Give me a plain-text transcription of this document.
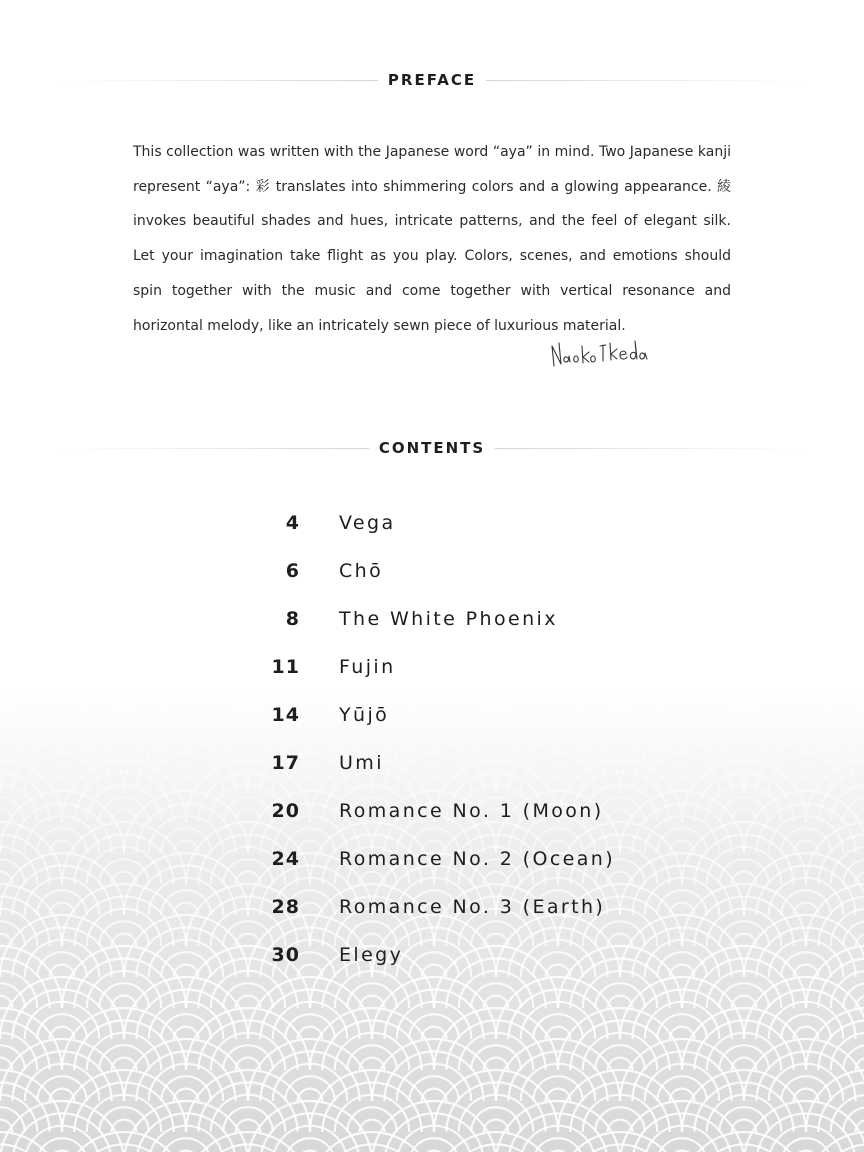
PREFACE

This collection was written with the Japanese word “aya” in mind. Two Japanese kanji represent “aya”: 彩 translates into shimmering colors and a glowing appearance. 綾 invokes beautiful shades and hues, intricate patterns, and the feel of elegant silk. Let your imagination take flight as you play. Colors, scenes, and emotions should spin together with the music and come together with vertical resonance and horizontal melody, like an intricately sewn piece of luxurious material.

CONTENTS
4 Vega
6 Chō
8 The White Phoenix
11 Fujin
14 Yūjō
17 Umi
20 Romance No. 1 (Moon)
24 Romance No. 2 (Ocean)
28 Romance No. 3 (Earth)
30 Elegy
